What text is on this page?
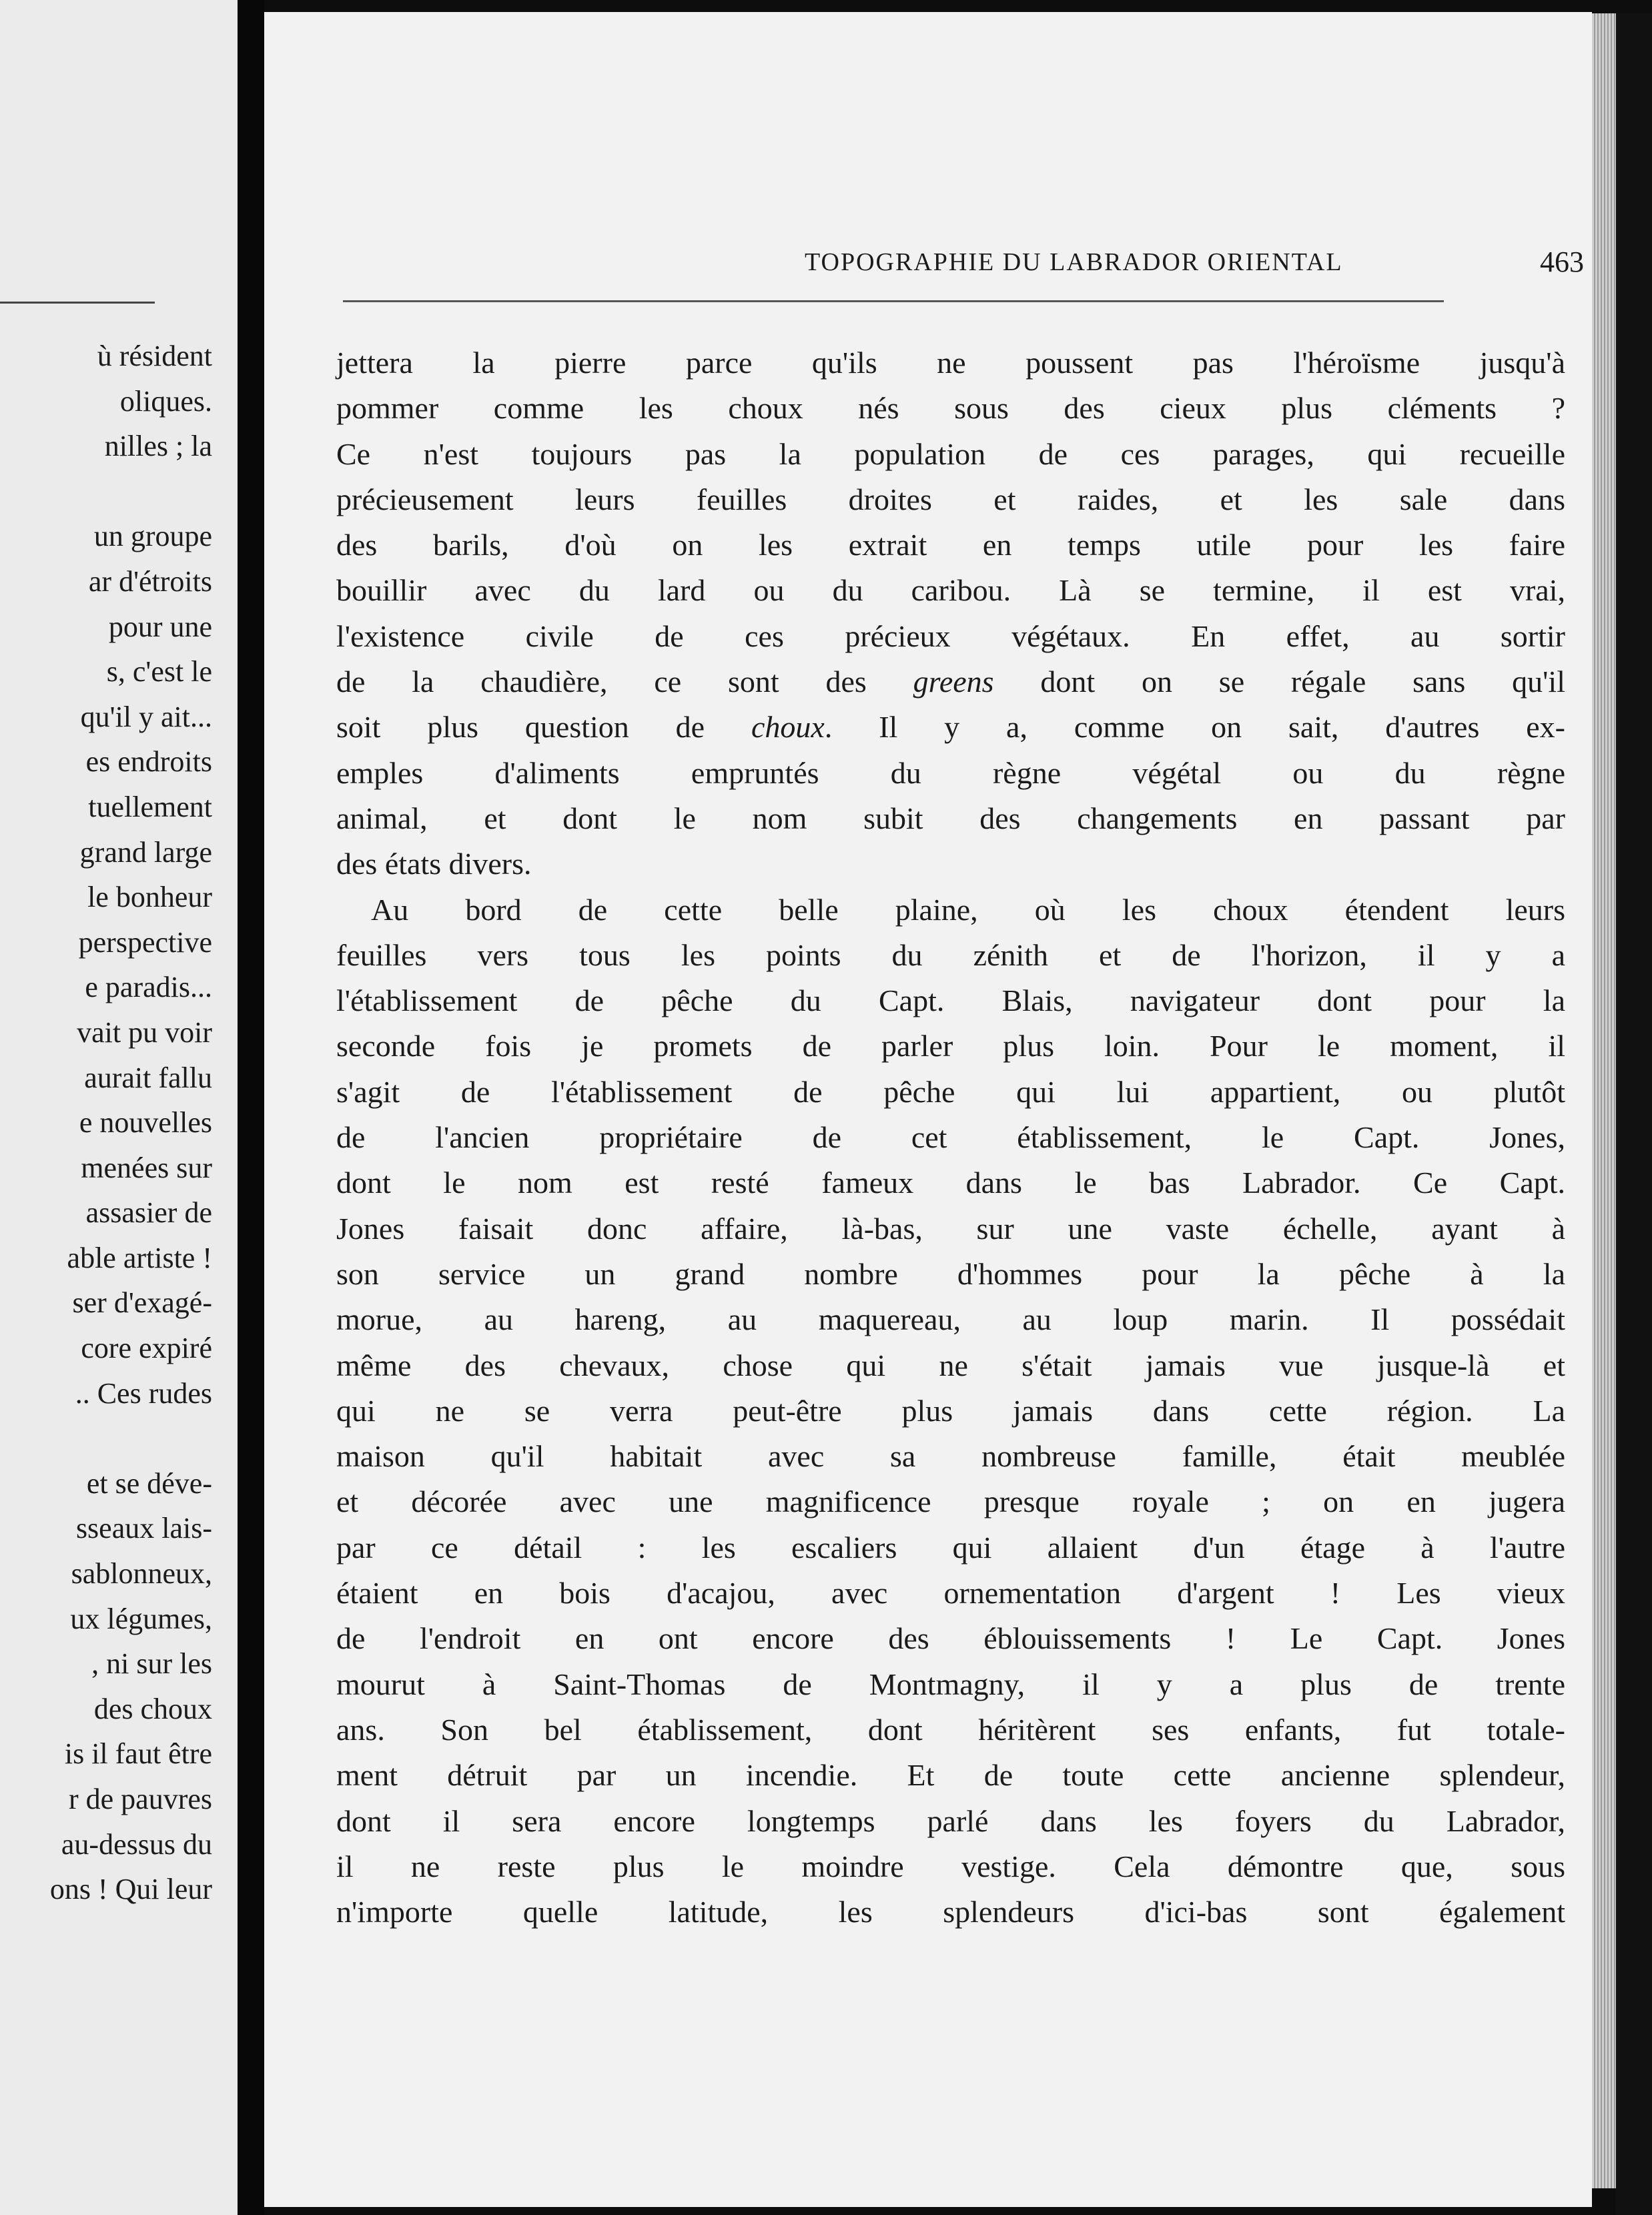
ù résident
oliques.
nilles ; la
un groupe
ar d'étroits
pour une
s, c'est le
qu'il y ait...
es endroits
tuellement
grand large
le bonheur
perspective
e paradis...
vait pu voir
aurait fallu
e nouvelles
menées sur
assasier de
able artiste !
ser d'exagé-
core expiré
.. Ces rudes
et se déve-
sseaux lais-
sablonneux,
ux légumes,
, ni sur les
des choux
is il faut être
r de pauvres
au-dessus du
ons ! Qui leur
TOPOGRAPHIE DU LABRADOR ORIENTAL	463
jettera la pierre parce qu'ils ne poussent pas l'héroïsme jusqu'à
pommer comme les choux nés sous des cieux plus cléments ?
Ce n'est toujours pas la population de ces parages, qui recueille
précieusement leurs feuilles droites et raides, et les sale dans
des barils, d'où on les extrait en temps utile pour les faire
bouillir avec du lard ou du caribou. Là se termine, il est vrai,
l'existence civile de ces précieux végétaux. En effet, au sortir
de la chaudière, ce sont des greens dont on se régale sans qu'il
soit plus question de choux. Il y a, comme on sait, d'autres ex-
emples d'aliments empruntés du règne végétal ou du règne
animal, et dont le nom subit des changements en passant par
des états divers.
Au bord de cette belle plaine, où les choux étendent leurs
feuilles vers tous les points du zénith et de l'horizon, il y a
l'établissement de pêche du Capt. Blais, navigateur dont pour la
seconde fois je promets de parler plus loin. Pour le moment, il
s'agit de l'établissement de pêche qui lui appartient, ou plutôt
de l'ancien propriétaire de cet établissement, le Capt. Jones,
dont le nom est resté fameux dans le bas Labrador. Ce Capt.
Jones faisait donc affaire, là-bas, sur une vaste échelle, ayant à
son service un grand nombre d'hommes pour la pêche à la
morue, au hareng, au maquereau, au loup marin. Il possédait
même des chevaux, chose qui ne s'était jamais vue jusque-là et
qui ne se verra peut-être plus jamais dans cette région. La
maison qu'il habitait avec sa nombreuse famille, était meublée
et décorée avec une magnificence presque royale ; on en jugera
par ce détail : les escaliers qui allaient d'un étage à l'autre
étaient en bois d'acajou, avec ornementation d'argent ! Les vieux
de l'endroit en ont encore des éblouissements ! Le Capt. Jones
mourut à Saint-Thomas de Montmagny, il y a plus de trente
ans. Son bel établissement, dont héritèrent ses enfants, fut totale-
ment détruit par un incendie. Et de toute cette ancienne splendeur,
dont il sera encore longtemps parlé dans les foyers du Labrador,
il ne reste plus le moindre vestige. Cela démontre que, sous
n'importe quelle latitude, les splendeurs d'ici-bas sont également
